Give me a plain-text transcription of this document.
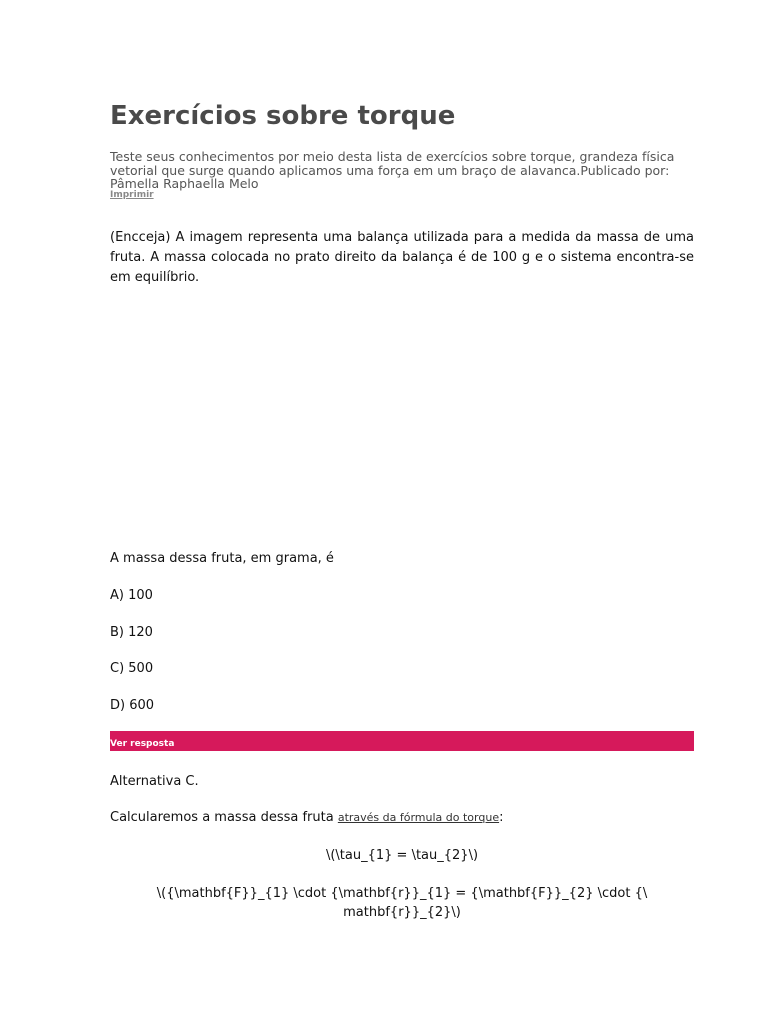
Exercícios sobre torque
Teste seus conhecimentos por meio desta lista de exercícios sobre torque, grandeza física vetorial que surge quando aplicamos uma força em um braço de alavanca.Publicado por: Pâmella Raphaella Melo
Imprimir

(Encceja) A imagem representa uma balança utilizada para a medida da massa de uma fruta. A massa colocada no prato direito da balança é de 100 g e o sistema encontra-se em equilíbrio.

A massa dessa fruta, em grama, é

A) 100

B) 120

C) 500

D) 600

Ver resposta

Alternativa C.

Calcularemos a massa dessa fruta através da fórmula do torque:

\(\tau_{1} = \tau_{2}\)

\({\mathbf{F}}_{1} \cdot {\mathbf{r}}_{1} = {\mathbf{F}}_{2} \cdot {\

mathbf{r}}_{2}\)
